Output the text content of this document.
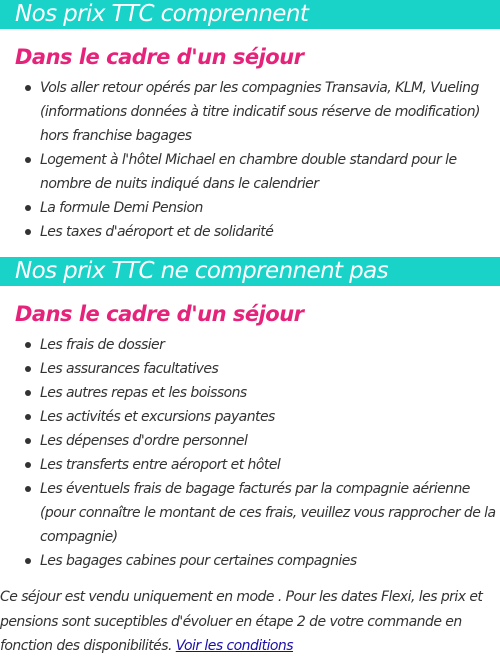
Nos prix TTC comprennent
Dans le cadre d'un séjour
Vols aller retour opérés par les compagnies Transavia, KLM, Vueling (informations données à titre indicatif sous réserve de modification) hors franchise bagages
Logement à l'hôtel Michael en chambre double standard pour le nombre de nuits indiqué dans le calendrier
La formule Demi Pension
Les taxes d'aéroport et de solidarité
Nos prix TTC ne comprennent pas
Dans le cadre d'un séjour
Les frais de dossier
Les assurances facultatives
Les autres repas et les boissons
Les activités et excursions payantes
Les dépenses d'ordre personnel
Les transferts entre aéroport et hôtel
Les éventuels frais de bagage facturés par la compagnie aérienne (pour connaître le montant de ces frais, veuillez vous rapprocher de la compagnie)
Les bagages cabines pour certaines compagnies
Ce séjour est vendu uniquement en mode . Pour les dates Flexi, les prix et pensions sont suceptibles d'évoluer en étape 2 de votre commande en fonction des disponibilités. Voir les conditions
